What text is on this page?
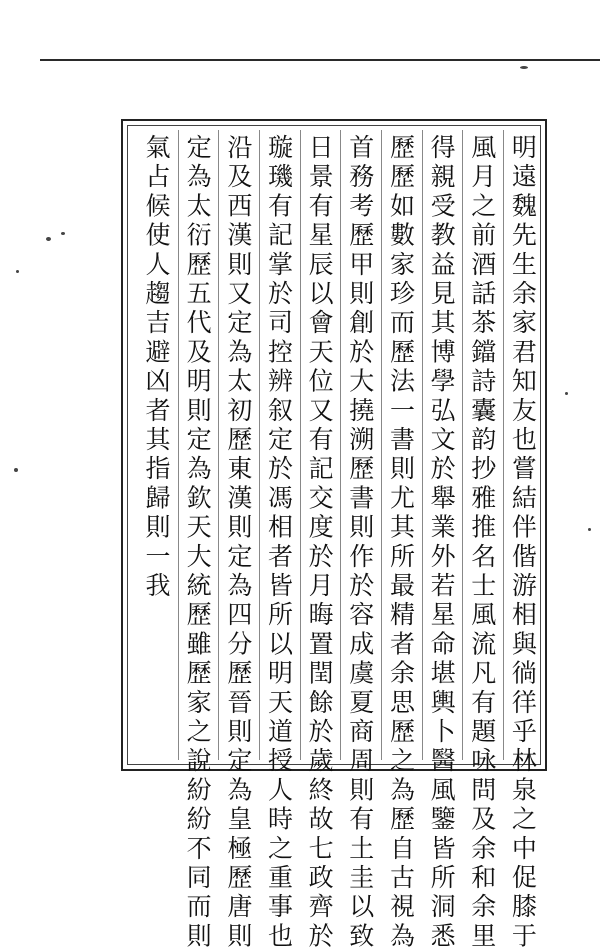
明遠魏先生余家君知友也嘗結伴偕游相與徜徉乎林泉之中促膝于
風月之前酒話茶鐺詩囊韵抄雅推名士風流凡有題咏問及余和余里
得親受教益見其博學弘文於舉業外若星命堪輿卜醫風鑒皆所洞悉
歷歷如數家珍而歷法一書則尤其所最精者余思歷之為歷自古視為
首務考歷甲則創於大撓溯歷書則作於容成虞夏商周則有土圭以致
日景有星辰以會天位又有記交度於月晦置閏餘於歲終故七政齊於
璇璣有記掌於司控辨叙定於馮相者皆所以明天道授人時之重事也
沿及西漢則又定為太初歷東漢則定為四分歷晉則定為皇極歷唐則
定為太衍歷五代及明則定為欽天大統歷雖歷家之說紛紛不同而則
氣占候使人趨吉避凶者其指歸則一我
